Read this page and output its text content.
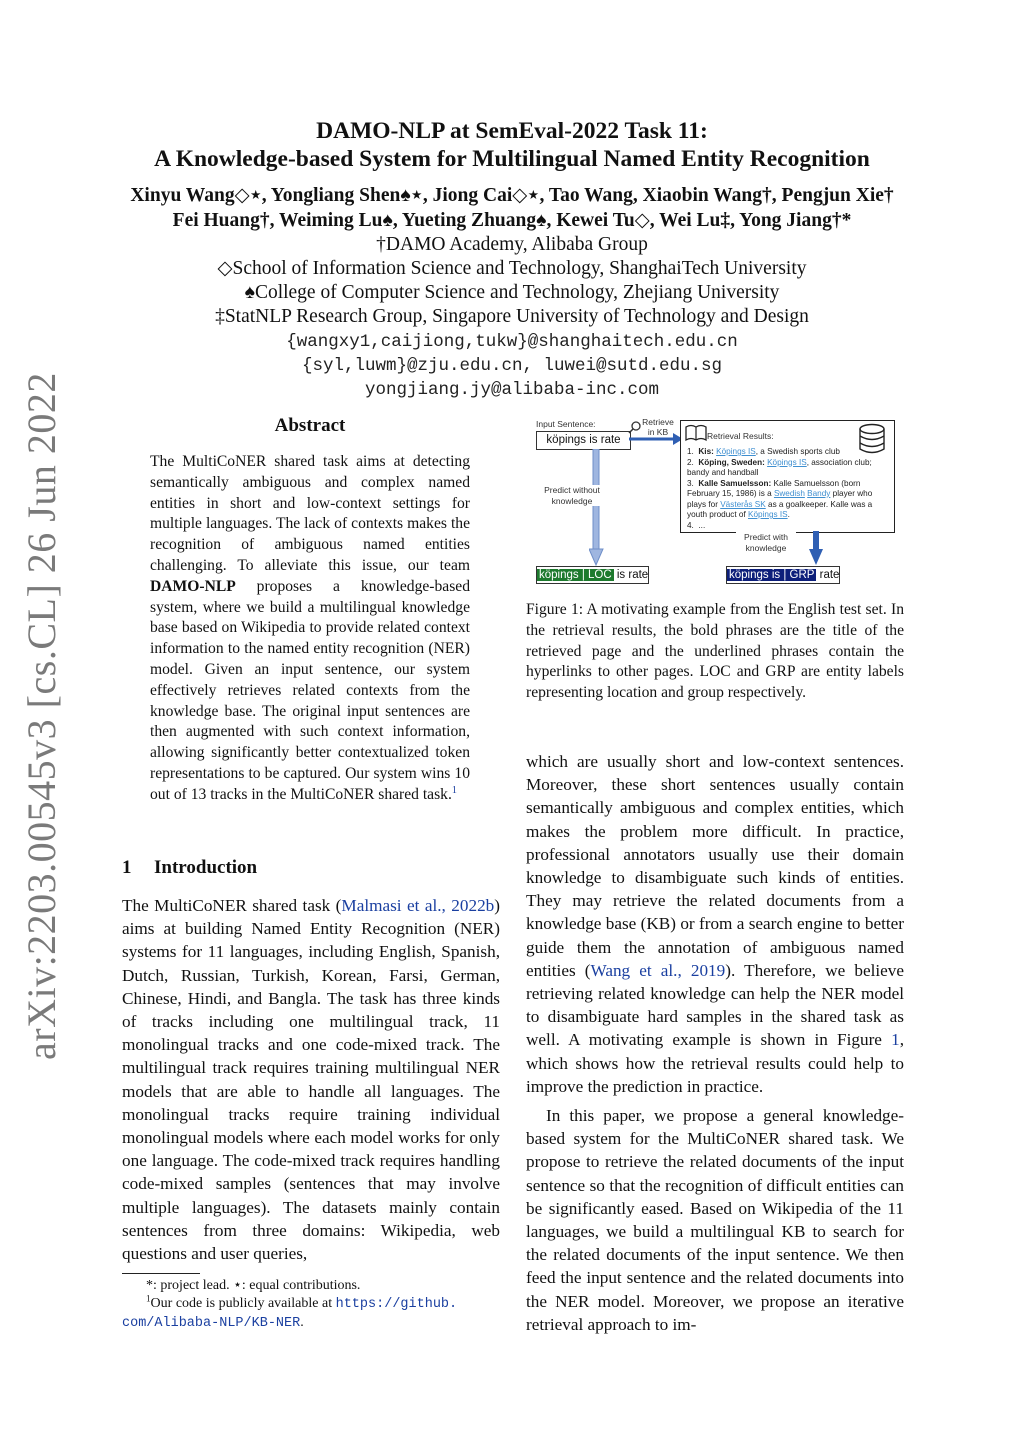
arXiv:2203.00545v3 [cs.CL] 26 Jun 2022
DAMO-NLP at SemEval-2022 Task 11:
A Knowledge-based System for Multilingual Named Entity Recognition
Xinyu Wang◇⋆, Yongliang Shen♠⋆, Jiong Cai◇⋆, Tao Wang, Xiaobin Wang†, Pengjun Xie†
Fei Huang†, Weiming Lu♠, Yueting Zhuang♠, Kewei Tu◇, Wei Lu‡, Yong Jiang†*
†DAMO Academy, Alibaba Group
◇School of Information Science and Technology, ShanghaiTech University
♠College of Computer Science and Technology, Zhejiang University
‡StatNLP Research Group, Singapore University of Technology and Design
{wangxy1,caijiong,tukw}@shanghaitech.edu.cn
{syl,luwm}@zju.edu.cn, luwei@sutd.edu.sg
yongjiang.jy@alibaba-inc.com
Abstract
The MultiCoNER shared task aims at detecting semantically ambiguous and complex named entities in short and low-context settings for multiple languages. The lack of contexts makes the recognition of ambiguous named entities challenging. To alleviate this issue, our team DAMO-NLP proposes a knowledge-based system, where we build a multilingual knowledge base based on Wikipedia to provide related context information to the named entity recognition (NER) model. Given an input sentence, our system effectively retrieves related contexts from the knowledge base. The original input sentences are then augmented with such context information, allowing significantly better contextualized token representations to be captured. Our system wins 10 out of 13 tracks in the MultiCoNER shared task.$^1$
1 Introduction

The MultiCoNER shared task (Malmasi et al., 2022b) aims at building Named Entity Recognition (NER) systems for 11 languages, including English, Spanish, Dutch, Russian, Turkish, Korean, Farsi, German, Chinese, Hindi, and Bangla. The task has three kinds of tracks including one multilingual track, 11 monolingual tracks and one code-mixed track. The multilingual track requires training multilingual NER models that are able to handle all languages. The monolingual tracks require training individual monolingual models where each model works for only one language. The code-mixed track requires handling code-mixed samples (sentences that may involve multiple languages). The datasets mainly contain sentences from three domains: Wikipedia, web questions and user queries,

*: project lead. ⋆: equal contributions.
$^1$Our code is publicly available at https://github.
com/Alibaba-NLP/KB-NER.
Input Sentence:
köpings is rate
Retrieve in KB	Retrieval Results:
1.  Kis: Köpings IS, a Swedish sports club
2.  Köping, Sweden: Köpings IS, association club; bandy and handball
3.  Kalle Samuelsson: Kalle Samuelsson (born February 15, 1986) is a Swedish Bandy player who plays for Västerås SK as a goalkeeper. Kalle was a youth product of Köpings IS.
4.  ...
Predict without knowledge
Predict with knowledge
köpings | LOC is rate	köpings is | GRP rate
Figure 1: A motivating example from the English test set. In the retrieval results, the bold phrases are the title of the retrieved page and the underlined phrases contain the hyperlinks to other pages. LOC and GRP are entity labels representing location and group respectively.

which are usually short and low-context sentences. Moreover, these short sentences usually contain semantically ambiguous and complex entities, which makes the problem more difficult. In practice, professional annotators usually use their domain knowledge to disambiguate such kinds of entities. They may retrieve the related documents from a knowledge base (KB) or from a search engine to better guide them the annotation of ambiguous named entities (Wang et al., 2019). Therefore, we believe retrieving related knowledge can help the NER model to disambiguate hard samples in the shared task as well. A motivating example is shown in Figure 1, which shows how the retrieval results could help to improve the prediction in practice.

In this paper, we propose a general knowledge-based system for the MultiCoNER shared task. We propose to retrieve the related documents of the input sentence so that the recognition of difficult entities can be significantly eased. Based on Wikipedia of the 11 languages, we build a multilingual KB to search for the related documents of the input sentence. We then feed the input sentence and the related documents into the NER model. Moreover, we propose an iterative retrieval approach to im-
